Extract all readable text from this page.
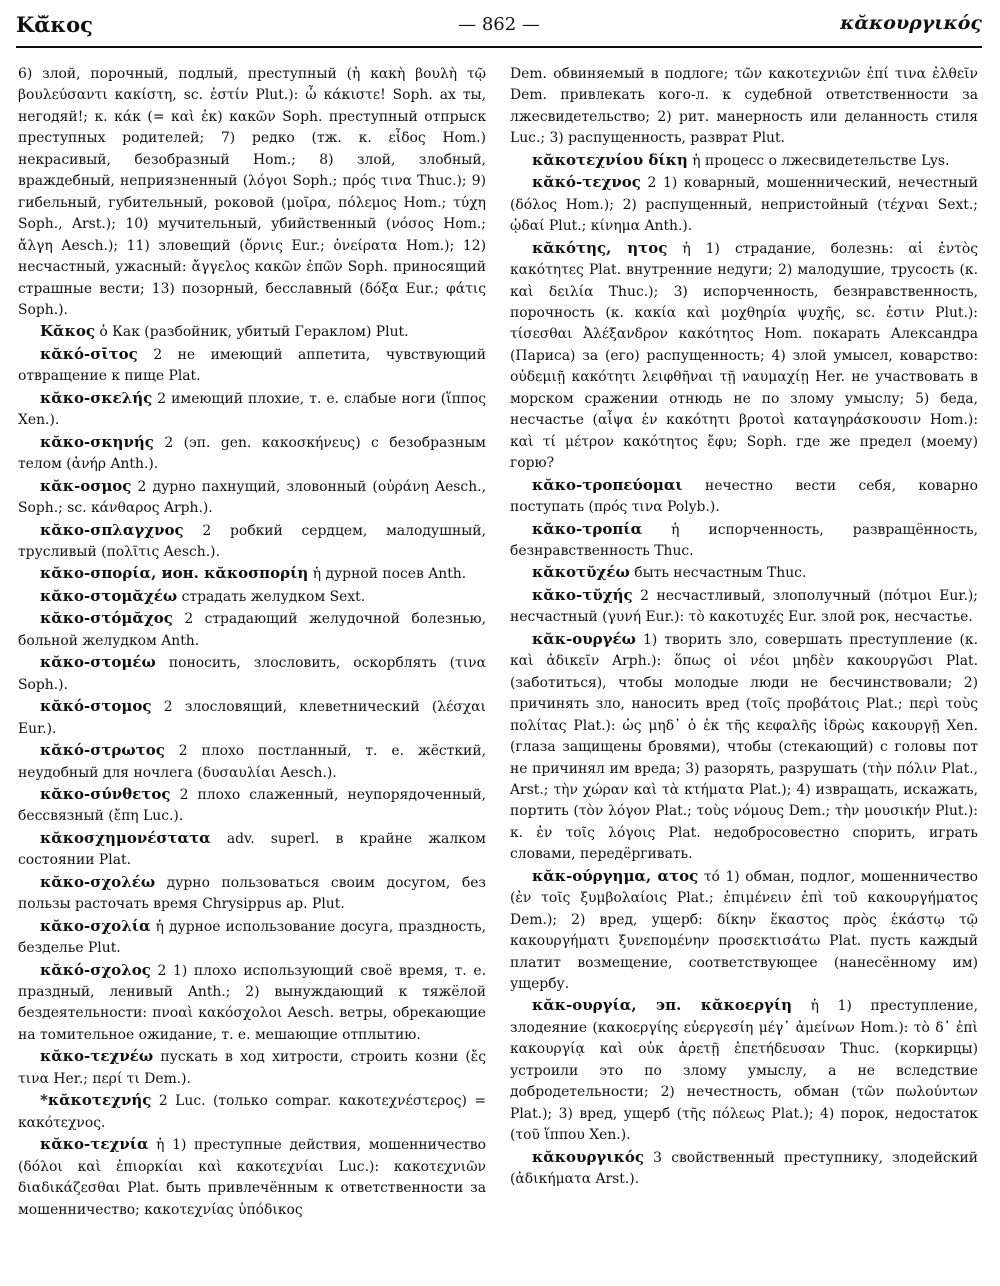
Κᾰ̆κος	— 862 —	κᾰκουργικός

6) злой, порочный, подлый, преступный (ἡ κακὴ βουλὴ τῷ βουλεύσαντι κακίστη, sc. ἐστίν Plut.): ὦ κάκιστε! Soph. ах ты, негодяй!; κ. κάκ (= καὶ ἐκ) κακῶν Soph. преступный отпрыск преступных родителей; 7) редко (тж. κ. εἶδος Hom.) некрасивый, безобразный Hom.; 8) злой, злобный, враждебный, неприязненный (λόγοι Soph.; πρός τινα Thuc.); 9) гибельный, губительный, роковой (μοῖρα, πόλεμος Hom.; τύχη Soph., Arst.); 10) мучительный, убийственный (νόσος Hom.; ἄλγη Aesch.); 11) зловещий (ὄρνις Eur.; ὀνείρατα Hom.); 12) несчастный, ужасный: ἄγγελος κακῶν ἐπῶν Soph. приносящий страшные вести; 13) позорный, бесславный (δόξα Eur.; φάτις Soph.).

Κᾰκος ὁ Как (разбойник, убитый Гераклом) Plut.

κᾰκό-σῑτος 2 не имеющий аппетита, чувствующий отвращение к пище Plat.

κᾰκο-σκελής 2 имеющий плохие, т. е. слабые ноги (ἵππος Xen.).

κᾰκο-σκηνής 2 (эп. gen. κακοσκήνευς) с безобразным телом (ἀνήρ Anth.).

κᾰκ-οσμος 2 дурно пахнущий, зловонный (οὐράνη Aesch., Soph.; sc. κάνθαρος Arph.).

κᾰκο-σπλαγχνος 2 робкий сердцем, малодушный, трусливый (πολῖτις Aesch.).

κᾰκο-σπορία, ион. κᾰκοσπορίη ἡ дурной посев Anth.

κᾰκο-στομᾰχέω страдать желудком Sext.

κᾰκο-στόμᾰχος 2 страдающий желудочной болезнью, больной желудком Anth.

κᾰκο-στομέω поносить, злословить, оскорблять (τινα Soph.).

κᾰκό-στομος 2 злословящий, клеветнический (λέσχαι Eur.).

κᾰκό-στρωτος 2 плохо постланный, т. е. жёсткий, неудобный для ночлега (δυσαυλίαι Aesch.).

κᾰκο-σύνθετος 2 плохо слаженный, неупорядоченный, бессвязный (ἔπη Luc.).

κᾰκοσχημονέστατα adv. superl. в крайне жалком состоянии Plat.

κᾰκο-σχολέω дурно пользоваться своим досугом, без пользы расточать время Chrysippus ap. Plut.

κᾰκο-σχολία ἡ дурное использование досуга, праздность, безделье Plut.

κᾰκό-σχολος 2 1) плохо использующий своё время, т. е. праздный, ленивый Anth.; 2) вынуждающий к тяжёлой бездеятельности: πνοαὶ κακόσχολοι Aesch. ветры, обрекающие на томительное ожидание, т. е. мешающие отплытию.

κᾰκο-τεχνέω пускать в ход хитрости, строить козни (ἔς τινα Her.; περί τι Dem.).

*κᾰκοτεχνής 2 Luc. (только compar. κακοτεχνέστερος) = κακότεχνος.

κᾰκο-τεχνία ἡ 1) преступные действия, мошенничество (δόλοι καὶ ἐπιορκίαι καὶ κακοτεχνίαι Luc.): κακοτεχνιῶν διαδικάζεσθαι Plat. быть привлечённым к ответственности за мошенничество; κακοτεχνίας ὑπόδικος

Dem. обвиняемый в подлоге; τῶν κακοτεχνιῶν ἐπί τινα ἐλθεῖν Dem. привлекать кого-л. к судебной ответственности за лжесвидетельство; 2) рит. манерность или деланность стиля Luc.; 3) распущенность, разврат Plut.

κᾰκοτεχνίου δίκη ἡ процесс о лжесвидетельстве Lys.

κᾰκό-τεχνος 2 1) коварный, мошеннический, нечестный (δόλος Hom.); 2) распущенный, непристойный (τέχναι Sext.; ᾠδαί Plut.; κίνημα Anth.).

κᾰκότης, ητος ἡ 1) страдание, болезнь: αἱ ἐντὸς κακότητες Plat. внутренние недуги; 2) малодушие, трусость (κ. καὶ δειλία Thuc.); 3) испорченность, безнравственность, порочность (κ. κακία καὶ μοχθηρία ψυχῆς, sc. ἐστιν Plut.): τίσεσθαι Ἀλέξανδρον κακότητος Hom. покарать Александра (Париса) за (его) распущенность; 4) злой умысел, коварство: οὐδεμιῇ κακότητι λειφθῆναι τῇ ναυμαχίῃ Her. не участвовать в морском сражении отнюдь не по злому умыслу; 5) беда, несчастье (αἶψα ἐν κακότητι βροτοὶ καταγηράσκουσιν Hom.): καὶ τί μέτρον κακότητος ἔφυ; Soph. где же предел (моему) горю?

κᾰκο-τροπεύομαι нечестно вести себя, коварно поступать (πρός τινα Polyb.).

κᾰκο-τροπία ἡ испорченность, развращённость, безнравственность Thuc.

κᾰκοτῠχέω быть несчастным Thuc.

κᾰκο-τῠχής 2 несчастливый, злополучный (πότμοι Eur.); несчастный (γυνή Eur.): τὸ κακοτυχές Eur. злой рок, несчастье.

κᾰκ-ουργέω 1) творить зло, совершать преступление (κ. καὶ ἀδικεῖν Arph.): ὅπως οἱ νέοι μηδὲν κακουργῶσι Plat. (заботиться), чтобы молодые люди не бесчинствовали; 2) причинять зло, наносить вред (τοῖς προβάτοις Plat.; περὶ τοὺς πολίτας Plat.): ὡς μηδ᾽ ὁ ἐκ τῆς κεφαλῆς ἱδρὼς κακουργῇ Xen. (глаза защищены бровями), чтобы (стекающий) с головы пот не причинял им вреда; 3) разорять, разрушать (τὴν πόλιν Plat., Arst.; τὴν χώραν καὶ τὰ κτήματα Plat.); 4) извращать, искажать, портить (τὸν λόγον Plat.; τοὺς νόμους Dem.; τὴν μουσικήν Plut.): κ. ἐν τοῖς λόγοις Plat. недобросовестно спорить, играть словами, передёргивать.

κᾰκ-ούργημα, ατος τό 1) обман, подлог, мошенничество (ἐν τοῖς ξυμβολαίοις Plat.; ἐπιμένειν ἐπὶ τοῦ κακουργήματος Dem.); 2) вред, ущерб: δίκην ἕκαστος πρὸς ἑκάστῳ τῷ κακουργήματι ξυνεπομένην προσεκτισάτω Plat. пусть каждый платит возмещение, соответствующее (нанесённому им) ущербу.

κᾰκ-ουργία, эп. κᾰκοεργίη ἡ 1) преступление, злодеяние (κακοεργίης εὐεργεσίη μέγ᾽ ἀμείνων Hom.): τὸ δ᾽ ἐπὶ κακουργίᾳ καὶ οὐκ ἀρετῇ ἐπετήδευσαν Thuc. (коркирцы) устроили это по злому умыслу, а не вследствие добродетельности; 2) нечестность, обман (τῶν πωλούντων Plat.); 3) вред, ущерб (τῆς πόλεως Plat.); 4) порок, недостаток (τοῦ ἵππου Xen.).

κᾰκουργικός 3 свойственный преступнику, злодейский (ἀδικήματα Arst.).
